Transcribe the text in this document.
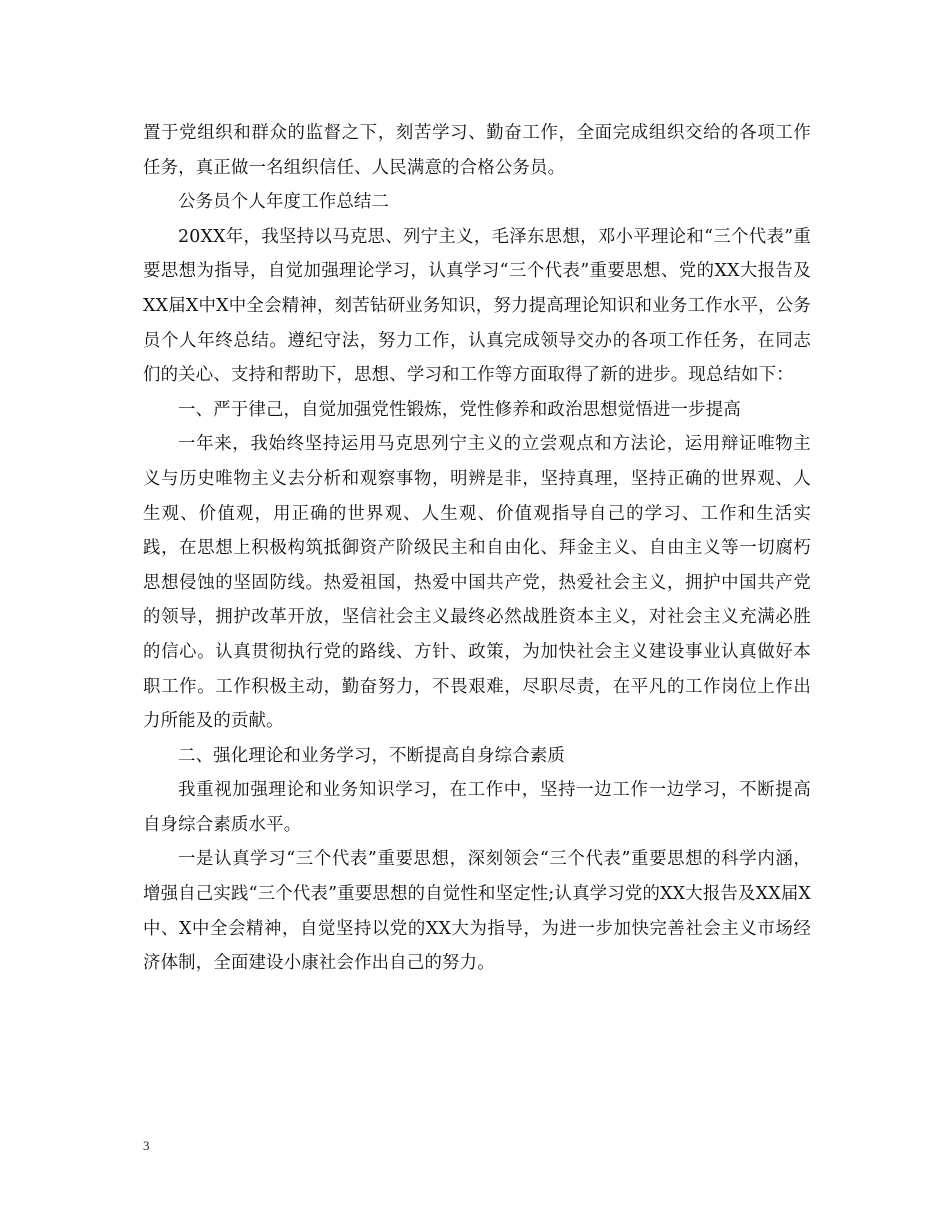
置于党组织和群众的监督之下，刻苦学习、勤奋工作，全面完成组织交给的各项工作任务，真正做一名组织信任、人民满意的合格公务员。

公务员个人年度工作总结二

20XX年，我坚持以马克思、列宁主义，毛泽东思想，邓小平理论和“三个代表”重要思想为指导，自觉加强理论学习，认真学习“三个代表”重要思想、党的XX大报告及XX届X中X中全会精神，刻苦钻研业务知识，努力提高理论知识和业务工作水平，公务员个人年终总结。遵纪守法，努力工作，认真完成领导交办的各项工作任务，在同志们的关心、支持和帮助下，思想、学习和工作等方面取得了新的进步。现总结如下：

一、严于律己，自觉加强党性锻炼，党性修养和政治思想觉悟进一步提高

一年来，我始终坚持运用马克思列宁主义的立尝观点和方法论，运用辩证唯物主义与历史唯物主义去分析和观察事物，明辨是非，坚持真理，坚持正确的世界观、人生观、价值观，用正确的世界观、人生观、价值观指导自己的学习、工作和生活实践，在思想上积极构筑抵御资产阶级民主和自由化、拜金主义、自由主义等一切腐朽思想侵蚀的坚固防线。热爱祖国，热爱中国共产党，热爱社会主义，拥护中国共产党的领导，拥护改革开放，坚信社会主义最终必然战胜资本主义，对社会主义充满必胜的信心。认真贯彻执行党的路线、方针、政策，为加快社会主义建设事业认真做好本职工作。工作积极主动，勤奋努力，不畏艰难，尽职尽责，在平凡的工作岗位上作出力所能及的贡献。

二、强化理论和业务学习，不断提高自身综合素质

我重视加强理论和业务知识学习，在工作中，坚持一边工作一边学习，不断提高自身综合素质水平。

一是认真学习“三个代表”重要思想，深刻领会“三个代表”重要思想的科学内涵，增强自己实践“三个代表”重要思想的自觉性和坚定性;认真学习党的XX大报告及XX届X中、X中全会精神，自觉坚持以党的XX大为指导，为进一步加快完善社会主义市场经济体制，全面建设小康社会作出自己的努力。

3
